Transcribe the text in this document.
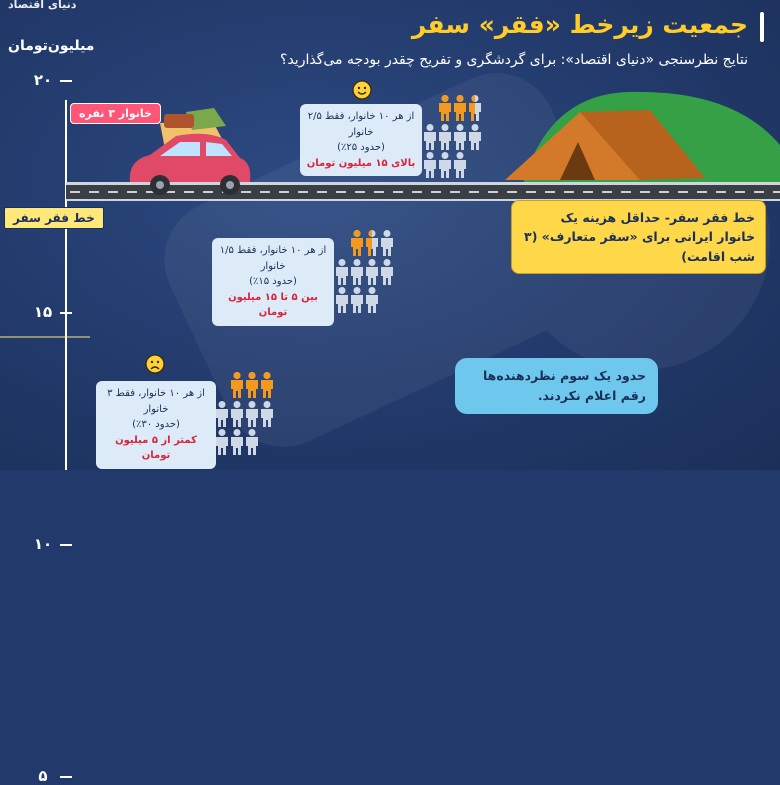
دنیای اقتصاد
جمعیت زیرخط «فقر» سفر
نتایج نظرسنجی «دنیای اقتصاد»: برای گردشگری و تفریح چقدر بودجه می‌گذارید؟
میلیون‌تومان
خانوار ۳ نفره
خط فقر سفر	خط فقر سفر- حداقل هزینه یک خانوار ایرانی برای «سفر متعارف» (۳ شب اقامت)
۲۰
۱۵
۱۰
۵
از هر ۱۰ خانوار، فقط ۲/۵ خانوار
(حدود ۲۵٪)
بالای ۱۵ میلیون تومان
از هر ۱۰ خانوار، فقط ۱/۵ خانوار
(حدود ۱۵٪)
بین ۵ تا ۱۵ میلیون تومان
از هر ۱۰ خانوار، فقط ۳ خانوار
(حدود ۳۰٪)
کمتر از ۵ میلیون تومان
حدود یک سوم نظردهنده‌ها رقم اعلام نکردند.
